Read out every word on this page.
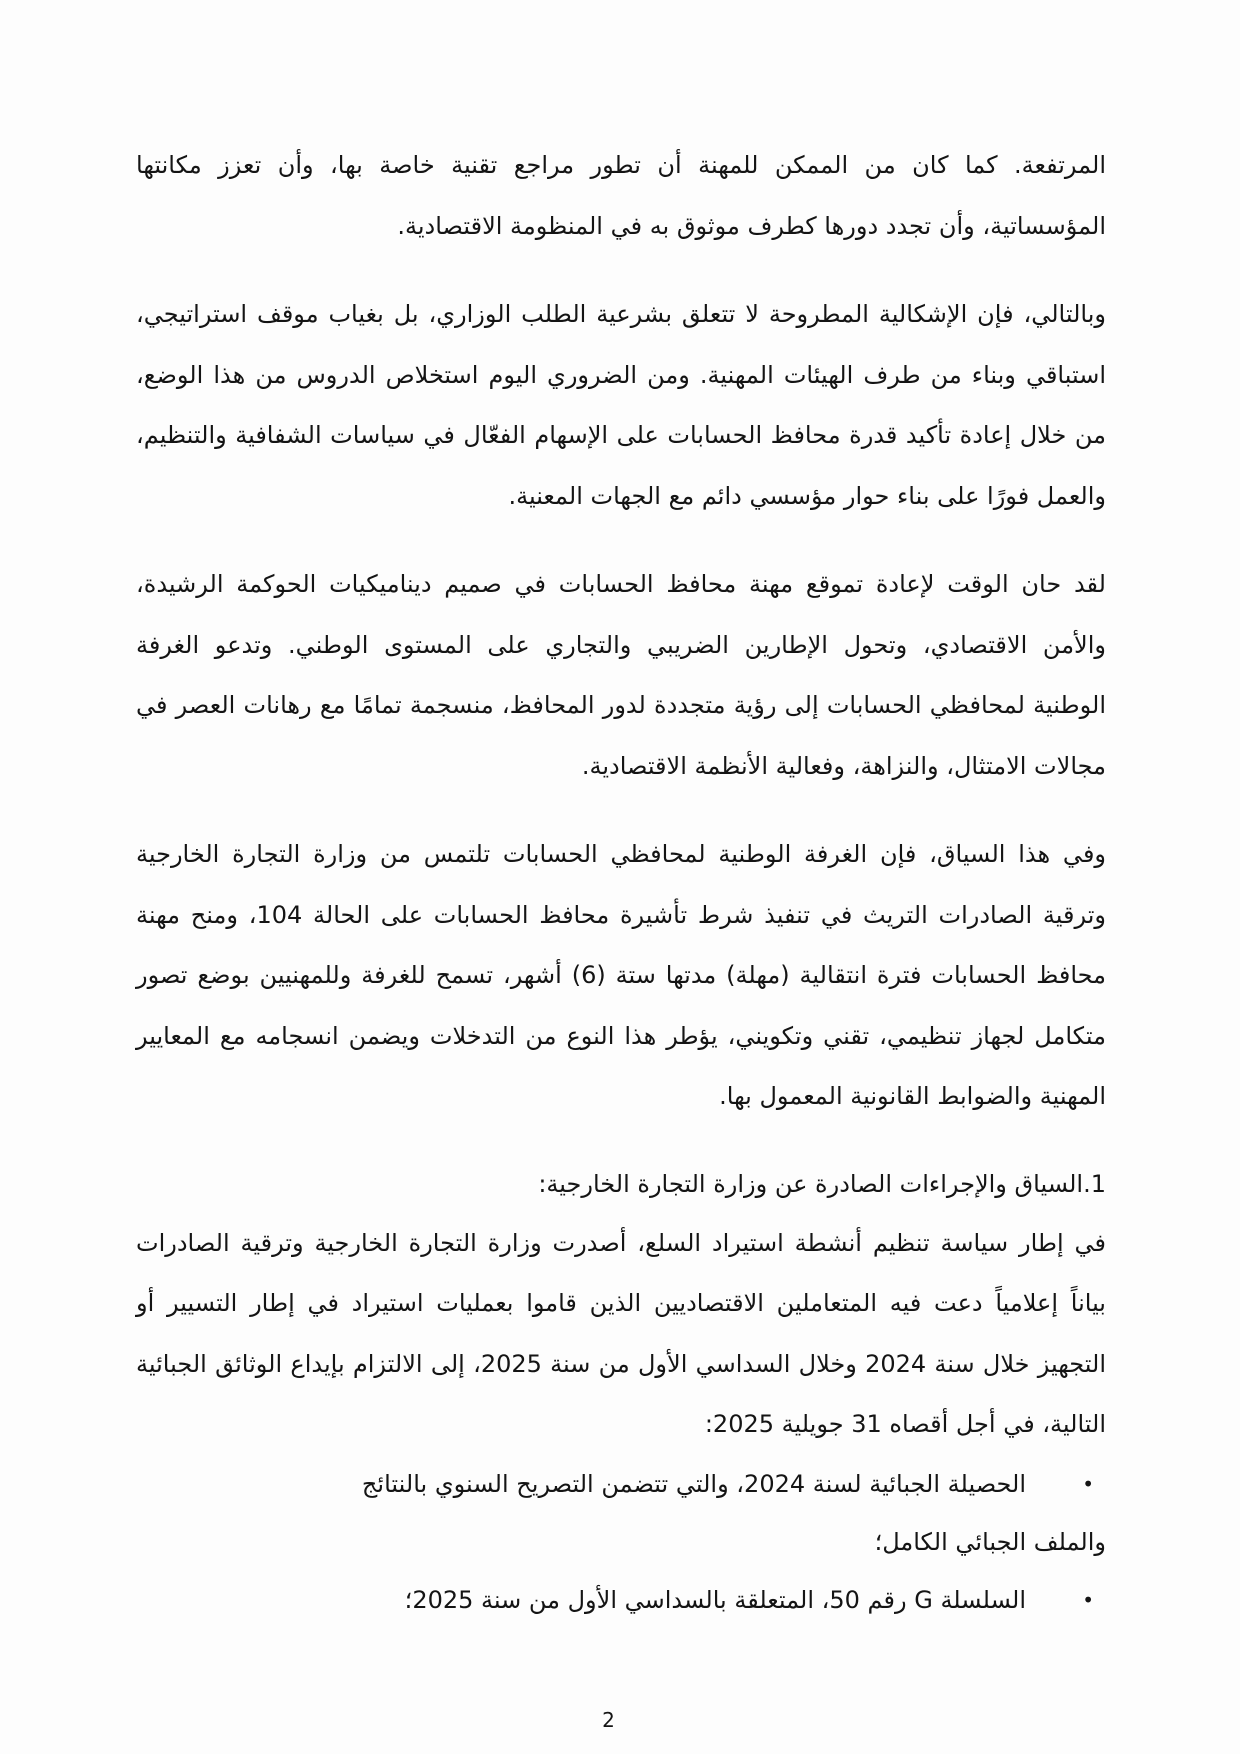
المرتفعة. كما كان من الممكن للمهنة أن تطور مراجع تقنية خاصة بها، وأن تعزز مكانتها المؤسساتية، وأن تجدد دورها كطرف موثوق به في المنظومة الاقتصادية.

وبالتالي، فإن الإشكالية المطروحة لا تتعلق بشرعية الطلب الوزاري، بل بغياب موقف استراتيجي، استباقي وبناء من طرف الهيئات المهنية. ومن الضروري اليوم استخلاص الدروس من هذا الوضع، من خلال إعادة تأكيد قدرة محافظ الحسابات على الإسهام الفعّال في سياسات الشفافية والتنظيم، والعمل فورًا على بناء حوار مؤسسي دائم مع الجهات المعنية.

لقد حان الوقت لإعادة تموقع مهنة محافظ الحسابات في صميم ديناميكيات الحوكمة الرشيدة، والأمن الاقتصادي، وتحول الإطارين الضريبي والتجاري على المستوى الوطني. وتدعو الغرفة الوطنية لمحافظي الحسابات إلى رؤية متجددة لدور المحافظ، منسجمة تمامًا مع رهانات العصر في مجالات الامتثال، والنزاهة، وفعالية الأنظمة الاقتصادية.

وفي هذا السياق، فإن الغرفة الوطنية لمحافظي الحسابات تلتمس من وزارة التجارة الخارجية وترقية الصادرات التريث في تنفيذ شرط تأشيرة محافظ الحسابات على الحالة 104، ومنح مهنة محافظ الحسابات فترة انتقالية (مهلة) مدتها ستة (6) أشهر، تسمح للغرفة وللمهنيين بوضع تصور متكامل لجهاز تنظيمي، تقني وتكويني، يؤطر هذا النوع من التدخلات ويضمن انسجامه مع المعايير المهنية والضوابط القانونية المعمول بها.

1.السياق والإجراءات الصادرة عن وزارة التجارة الخارجية:

في إطار سياسة تنظيم أنشطة استيراد السلع، أصدرت وزارة التجارة الخارجية وترقية الصادرات بياناً إعلامياً دعت فيه المتعاملين الاقتصاديين الذين قاموا بعمليات استيراد في إطار التسيير أو التجهيز خلال سنة 2024 وخلال السداسي الأول من سنة 2025، إلى الالتزام بإيداع الوثائق الجبائية التالية، في أجل أقصاه 31 جويلية 2025:

•
الحصيلة الجبائية لسنة 2024، والتي تتضمن التصريح السنوي بالنتائج
والملف الجبائي الكامل؛
•
السلسلة G رقم 50، المتعلقة بالسداسي الأول من سنة 2025؛
2
